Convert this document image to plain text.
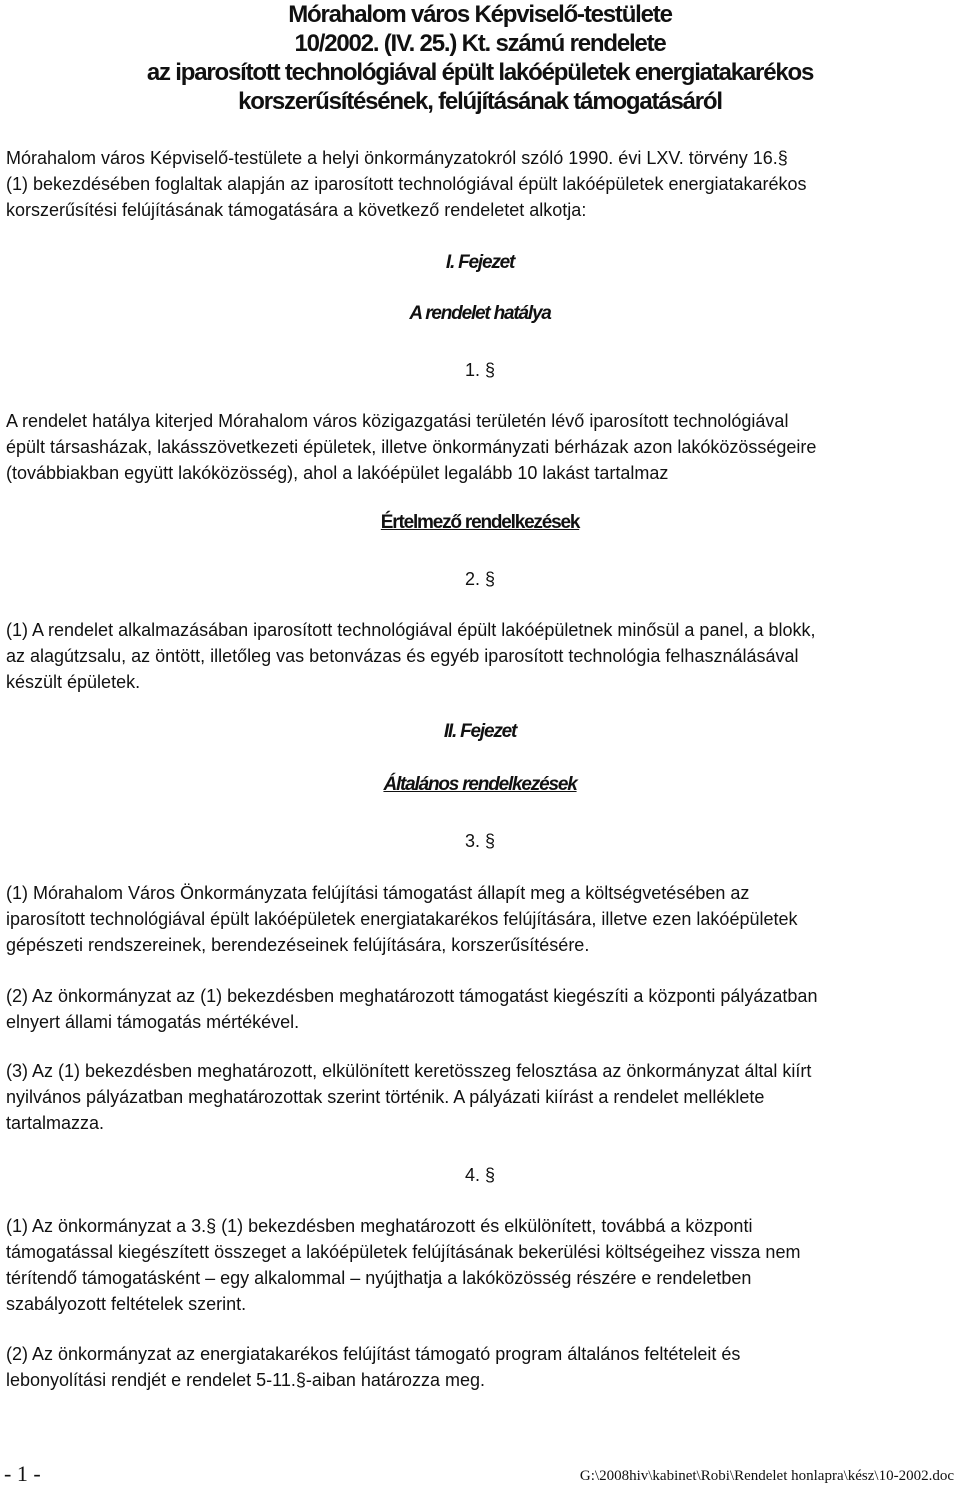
Mórahalom város Képviselő-testülete
10/2002. (IV. 25.) Kt. számú rendelete
az iparosított technológiával épült lakóépületek energiatakarékos
korszerűsítésének, felújításának támogatásáról
Mórahalom város Képviselő-testülete a helyi önkormányzatokról szóló 1990. évi LXV. törvény 16.§
(1) bekezdésében foglaltak alapján az iparosított technológiával épült lakóépületek energiatakarékos
korszerűsítési felújításának támogatására a következő rendeletet alkotja:
I. Fejezet
A rendelet hatálya
1. §
A rendelet hatálya kiterjed Mórahalom város közigazgatási területén lévő iparosított technológiával
épült társasházak, lakásszövetkezeti épületek, illetve önkormányzati bérházak azon lakóközösségeire
(továbbiakban együtt lakóközösség), ahol a lakóépület legalább 10 lakást tartalmaz
Értelmező rendelkezések
2. §
(1) A rendelet alkalmazásában iparosított technológiával épült lakóépületnek minősül a panel, a blokk,
az alagútzsalu, az öntött, illetőleg vas betonvázas és egyéb iparosított technológia felhasználásával
készült épületek.
II. Fejezet
Általános rendelkezések
3. §
(1) Mórahalom Város Önkormányzata felújítási támogatást állapít meg a költségvetésében az
iparosított technológiával épült lakóépületek energiatakarékos felújítására, illetve ezen lakóépületek
gépészeti rendszereinek, berendezéseinek felújítására, korszerűsítésére.
(2) Az önkormányzat az (1) bekezdésben meghatározott támogatást kiegészíti a központi pályázatban
elnyert állami támogatás mértékével.
(3) Az (1) bekezdésben meghatározott, elkülönített keretösszeg felosztása az önkormányzat által kiírt
nyilvános pályázatban meghatározottak szerint történik. A pályázati kiírást a rendelet melléklete
tartalmazza.
4. §
(1) Az önkormányzat a 3.§ (1) bekezdésben meghatározott és elkülönített, továbbá a központi
támogatással kiegészített összeget a lakóépületek felújításának bekerülési költségeihez vissza nem
térítendő támogatásként – egy alkalommal – nyújthatja a lakóközösség részére e rendeletben
szabályozott feltételek szerint.
(2) Az önkormányzat az energiatakarékos felújítást támogató program általános feltételeit és
lebonyolítási rendjét e rendelet 5-11.§-aiban határozza meg.
- 1 -	G:\2008hiv\kabinet\Robi\Rendelet honlapra\kész\10-2002.doc
